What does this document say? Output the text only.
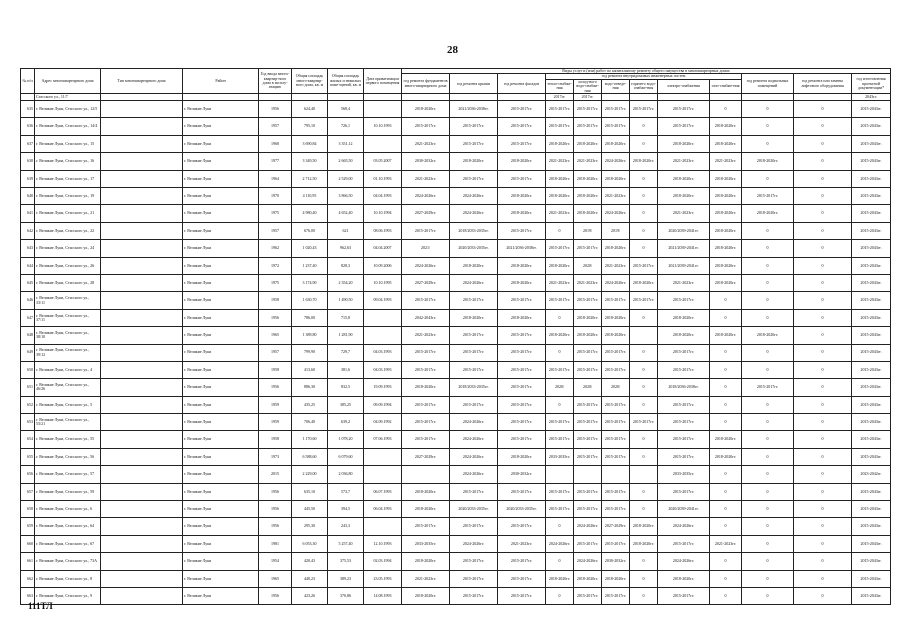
28
№ п/п	Адрес многоквартирного дома	Тип многоквартирного дома	Район	Год ввода много-квартир-ного дома в эксплу-атацию	Общая площадь много-квартир-ного дома, кв. м	Общая площадь жилых и нежилых поме-щений, кв. м	Дата приватизации первого помещения	Виды услуг и (или) работ по капитальному ремонту общего имущества в многоквартирных домах											
								год ремонта фундаментов много-квартирного дома	год ремонта крыши	год ремонта фасадов	год ремонта внутридомовых инженерных систем						год ремонта подвальных помещений	год ремонта или замены лифтового оборудования	год изготовления проектной документации*
											тепло-снабже-ния	холод-ного водо-снабже-ния	водо-отведе-ния	горячего водо-снабже-ния	электро-снабжения	газо-снабже-ния			
	Стасского ул., 11/7										2017гг.	2017гг.							2043гг.
635	г. Великие Луки, Стасского ул., 12/5		г. Великие Луки	1956	624,40	568,4		2018-2020гг.	2021/2036-2038гг.	2015-2017гг.	2015-2017гг.	2015-2017гг.	2015-2017гг.	2015-2017гг.	2015-2017гг.	0	0	0	2015-2043гг.
636	г. Великие Луки, Стасского ул., 14/4		г. Великие Луки	1957	795,10	726,1	10.10.1993	2015-2017гг.	2015-2017гг.	2015-2017гг.	2015-2017гг.	2015-2017гг.	2015-2017гг.	0	2015-2017гг.	2018-2020гг.	0	0	2015-2043гг.
637	г. Великие Луки, Стасского ул., 15		г. Великие Луки	1968	3 690,84	3 351,12		2021-2023гг.	2015-2017гг.	2015-2017гг.	2018-2020гг.	2018-2020гг.	2018-2020гг.	0	2018-2020гг.	2018-2020гг.	0	0	2015-2043гг.
638	г. Великие Луки, Стасского ул., 16		г. Великие Луки	1977	3 349,50	2 665,50	03.05.2007	2030-2032гг.	2018-2020гг.	2018-2020гг.	2021-2023гг.	2021-2023гг.	2024-2026гг.	2018-2020гг.	2021-2023гг.	2021-2023гг.	2018-2020гг.	0	2015-2043гг.
639	г. Великие Луки, Стасского ул., 17		г. Великие Луки	1964	2 712,50	2 529,00	01.10.1993	2021-2023гг.	2015-2017гг.	2015-2017гг.	2018-2020гг.	2018-2020гг.	2018-2020гг.	0	2018-2020гг.	2018-2020гг.	0	0	2015-2043гг.
640	г. Великие Луки, Стасского ул., 19		г. Великие Луки	1970	4 110,95	3 866,50	04.04.1993	2024-2026гг.	2024-2026гг.	2018-2020гг.	2018-2020гг.	2018-2020гг.	2021-2023гг.	0	2018-2020гг.	2018-2020гг.	2015-2017гг.	0	2015-2043гг.
641	г. Великие Луки, Стасского ул., 21		г. Великие Луки	1975	4 980,40	4 652,40	10.10.1994	2027-2029гг.	2024-2026гг.	2018-2020гг.	2021-2023гг.	2018-2020гг.	2024-2026гг.	0	2021-2023гг.	2018-2020гг.	2018-2020гг.	0	2015-2043гг.
642	г. Великие Луки, Стасского ул., 22		г. Великие Луки	1957	676,00	621	08.06.1993	2015-2017гг.	2018/2033-2035гг.	2015-2017гг.	0	2019/	2019/	0	2020/2039-2041гг.	2018-2020гг.	0	0	2015-2043гг.
643	г. Великие Луки, Стасского ул., 24		г. Великие Луки	1962	1 020,43	962,63	04.04.2007	2021/	2020/2033-2035гг.	2021/2036-2038гг.	2015-2017гг.	2015-2017гг.	2018-2020гг.	0	2021/2039-2041гг.	2018-2020гг.	0	0	2015-2043гг.
644	г. Великие Луки, Стасского ул., 26		г. Великие Луки	1972	1 237,40	828,3	10.09.2006	2024-2026гг.	2018-2020гг.	2018-2020гг.	2018-2020гг.	2020/	2021-2023гг.	2015-2017гг.	2021/2039-2041гг.	2018-2020гг.	0	0	2015-2043гг.
645	г. Великие Луки, Стасского ул., 28		г. Великие Луки	1975	3 174,90	2 354,20	10.10.1995	2027-2029гг.	2024-2026гг.	2018-2020гг.	2021-2023гг.	2021-2023гг.	2024-2026гг.	2018-2020гг.	2021-2023гг.	2018-2020гг.	0	0	2015-2043гг.
646	г. Великие Луки, Стасского ул., 33/11		г. Великие Луки	1958	1 630,70	1 490,50	09.04.1993	2015-2017гг.	2015-2017гг.	2015-2017гг.	2015-2017гг.	2015-2017гг.	2015-2017гг.	2015-2017гг.	2015-2017гг.	0	0	0	2015-2043гг.
647	г. Великие Луки, Стасского ул., 37/11		г. Великие Луки	1956	786,00	715,8		2042-2043гг.	2018-2020гг.	2018-2020гг.	0	2018-2020гг.	2018-2020гг.	0	2018-2020гг.	0	0	0	2015-2043гг.
648	г. Великие Луки, Стасского ул., 38/10		г. Великие Луки	1965	1 389,80	1 281,90		2021-2023гг.	2015-2017гг.	2015-2017гг.	2018-2020гг.	2018-2020гг.	2018-2020гг.		2018-2020гг.	2018-2020гг.	2018-2020гг.	0	2015-2043гг.
649	г. Великие Луки, Стасского ул., 39/12		г. Великие Луки	1957	799,90	729,7	04.03.1993	2015-2017гг.	2015-2017гг.	2015-2017гг.	0	2015-2017гг.	2015-2017гг.	0	2015-2017гг.	0	0	0	2015-2043гг.
650	г. Великие Луки, Стасского ул., 4		г. Великие Луки	1958	413,60	381,6	04.03.1993	2015-2017гг.	2015-2017гг.	2015-2017гг.	2015-2017гг.	2015-2017гг.	2015-2017гг.	0	2015-2017гг.	0	0	0	2015-2043гг.
651	г. Великие Луки, Стасского ул., 46/26		г. Великие Луки	1956	886,30	832,5	19.09.1993	2018-2020гг.	2018/2033-2035гг.	2015-2017гг.	2020/	2020/	2020/	0	2018/2036-2038гг.	0	2015-2017гг.	0	2015-2043гг.
652	г. Великие Луки, Стасского ул., 5		г. Великие Луки	1959	435,25	385,25	09.09.1994	2015-2017гг.	2015-2017гг.	2015-2017гг.	0	2015-2017гг.	2015-2017гг.	0	2015-2017гг.	0	0	0	2015-2043гг.
653	г. Великие Луки, Стасского ул., 53/21		г. Великие Луки	1959	706,40	639,2	04.09.1992	2015-2017гг.	2024-2026гг.	2015-2017гг.	2015-2017гг.	2015-2017гг.	2015-2017гг.	2015-2017гг.	2015-2017гг.	0	0	0	2015-2043гг.
654	г. Великие Луки, Стасского ул., 55		г. Великие Луки	1958	1 170,60	1 078,20	07.06.1993	2015-2017гг.	2024-2026гг.	2015-2017гг.	2015-2017гг.	2015-2017гг.	2015-2017гг.	0	2015-2017гг.	2018-2020гг.	0	0	2015-2043гг.
655	г. Великие Луки, Стасского ул., 56		г. Великие Луки	1973	6 588,60	6 079,60		2027-2029гг.	2024-2026гг.	2018-2020гг.	2033-2035гг.	2015-2017гг.	2015-2017гг.	0	2015-2017гг.	2018-2020гг.	0	0	2015-2043гг.
656	г. Великие Луки, Стасского ул., 57		г. Великие Луки	2015	2 229,00	2 036,80			2024-2026гг.	2030-2032гг.					2033-2035гг.	0	0	0	2023-2042гг.
657	г. Великие Луки, Стасского ул., 59		г. Великие Луки	1956	635,10	573,7	06.07.1993	2018-2020гг.	2015-2017гг.	2015-2017гг.	2015-2017гг.	2015-2017гг.	2015-2017гг.	0	2015-2017гг.	0	0	0	2015-2043гг.
658	г. Великие Луки, Стасского ул., 6		г. Великие Луки	1956	445,50	394,5	06.04.1993	2018-2020гг.	2020/2033-2035гг.	2020/2033-2035гг.	2015-2017гг.	2015-2017гг.	2015-2017гг.	0	2020/2039-2041гг.	0	0	0	2015-2043гг.
659	г. Великие Луки, Стасского ул., 64		г. Великие Луки	1956	295,30	243,3		2015-2017гг.	2015-2017гг.	2015-2017гг.	0	2024-2026гг.	2027-2029гг.	2018-2020гг.	2024-2026гг.	0	0	0	2015-2043гг.
660	г. Великие Луки, Стасского ул., 67		г. Великие Луки	1981	6 053,30	5 257,40	12.10.1993	2033-2035гг.	2024-2026гг.	2021-2023гг.	2024-2026гг.	2015-2017гг.	2015-2017гг.	2018-2020гг.	2015-2017гг.	2021-2023гг.	0	0	2015-2043гг.
661	г. Великие Луки, Стасского ул., 73А		г. Великие Луки	1954	420,43	375,53	02.03.1994	2018-2020гг.	2015-2017гг.	2015-2017гг.	0	2024-2026гг.	2030-2032гг.	0	2024-2026гг.	0	0	0	2015-2043гг.
662	г. Великие Луки, Стасского ул., 8		г. Великие Луки	1965	440,23	389,23	23.05.1993	2021-2023гг.	2015-2017гг.	2015-2017гг.	2018-2020гг.	2018-2020гг.	2018-2020гг.	0	2018-2020гг.	0	0	0	2015-2043гг.
663	г. Великие Луки, Стасского ул., 9		г. Великие Луки	1956	423,26	370,86	14.08.1993	2018-2020гг.	2015-2017гг.	2015-2017гг.	0	2015-2017гг.	2015-2017гг.	0	2015-2017гг.	0	0	0	2015-2043гг.
111ТЛ
